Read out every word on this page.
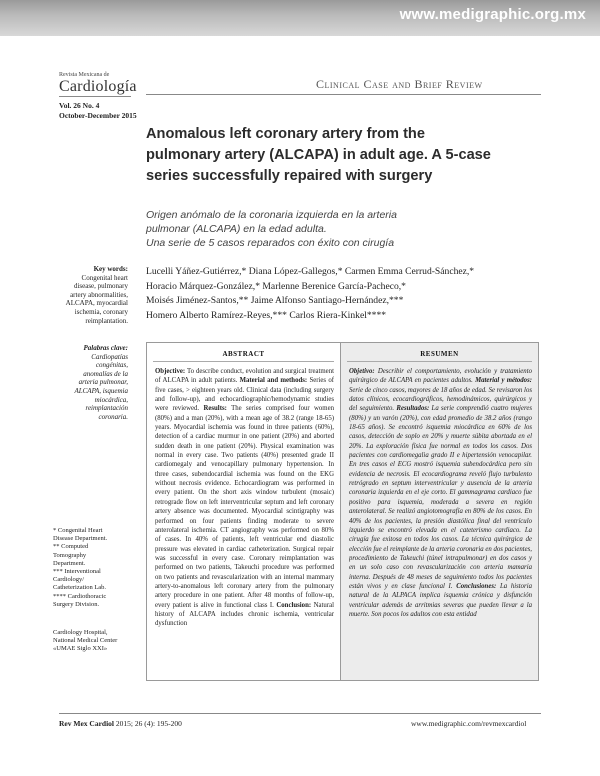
www.medigraphic.org.mx
Revista Mexicana de
Cardiología
Vol. 26 No. 4
October-December 2015
Clinical Case and Brief Review
Anomalous left coronary artery from the
pulmonary artery (ALCAPA) in adult age. A 5-case
series successfully repaired with surgery
Origen anómalo de la coronaria izquierda en la arteria
pulmonar (ALCAPA) en la edad adulta.
Una serie de 5 casos reparados con éxito con cirugía
Lucelli Yáñez-Gutiérrez,* Diana López-Gallegos,* Carmen Emma Cerrud-Sánchez,*
Horacio Márquez-González,* Marlenne Berenice García-Pacheco,*
Moisés Jiménez-Santos,** Jaime Alfonso Santiago-Hernández,***
Homero Alberto Ramírez-Reyes,*** Carlos Riera-Kinkel****
Key words:
Congenital heart
disease, pulmonary
artery abnormalities,
ALCAPA, myocardial
ischemia, coronary
reimplantation.
Palabras clave:
Cardiopatías
congénitas,
anomalías de la
arteria pulmonar,
ALCAPA, isquemia
miocárdica,
reimplantación
coronaria.
* Congenital Heart
Disease Department.
** Computed
Tomography
Department.
*** Interventional
Cardiology/
Catheterization Lab.
**** Cardiothoracic
Surgery Division.
Cardiology Hospital,
National Medical Center
«UMAE Siglo XXI»
ABSTRACT
Objective: To describe conduct, evolution and surgical treatment of ALCAPA in adult patients. Material and methods: Series of five cases, > eighteen years old. Clinical data (including surgery and follow-up), and echocardiographic/hemodynamic studies were reviewed. Results: The series comprised four women (80%) and a man (20%), with a mean age of 38.2 (range 18-65) years. Myocardial ischemia was found in three patients (60%), detection of a cardiac murmur in one patient (20%) and aborted sudden death in one patient (20%). Physical examination was normal in every case. Two patients (40%) presented grade II cardiomegaly and venocapillary pulmonary hypertension. In three cases, subendocardial ischemia was found on the EKG without necrosis evidence. Echocardiogram was performed in every patient. On the short axis window turbulent (mosaic) retrograde flow on left interventricular septum and left coronary artery absence was documented. Myocardial scintigraphy was performed on four patients finding moderate to severe anterolateral ischemia. CT angiography was performed on 80% of cases. In 40% of patients, left ventricular end diastolic pressure was elevated in cardiac catheterization. Surgical repair was successful in every case. Coronary reimplantation was performed on two patients, Takeuchi procedure was performed on two patients and revascularization with an internal mammary artery-to-anomalous left coronary artery from the pulmonary artery procedure in one patient. After 48 months of follow-up, every patient is alive in functional class I. Conclusion: Natural history of ALCAPA includes chronic ischemia, ventricular dysfunction
RESUMEN
Objetivo: Describir el comportamiento, evolución y tratamiento quirúrgico de ALCAPA en pacientes adultos. Material y métodos: Serie de cinco casos, mayores de 18 años de edad. Se revisaron los datos clínicos, ecocardiográficos, hemodinámicos, quirúrgicos y del seguimiento. Resultados: La serie comprendió cuatro mujeres (80%) y un varón (20%), con edad promedio de 38.2 años (rango 18-65 años). Se encontró isquemia miocárdica en 60% de los casos, detección de soplo en 20% y muerte súbita abortada en el 20%. La exploración física fue normal en todos los casos. Dos pacientes con cardiomegalia grado II e hipertensión venocapilar. En tres casos el ECG mostró isquemia subendocárdica pero sin evidencia de necrosis. El ecocardiograma reveló flujo turbulento retrógrado en septum interventricular y ausencia de la arteria coronaria izquierda en el eje corto. El gammagrama cardiaco fue positivo para isquemia, moderada a severa en región anterolateral. Se realizó angiotomografía en 80% de los casos. En 40% de los pacientes, la presión diastólica final del ventrículo izquierdo se encontró elevada en el cateterismo cardiaco. La cirugía fue exitosa en todos los casos. La técnica quirúrgica de elección fue el reimplante de la arteria coronaria en dos pacientes, procedimiento de Takeuchi (túnel intrapulmonar) en dos casos y en un solo caso con revascularización con arteria mamaria interna. Después de 48 meses de seguimiento todos los pacientes están vivos y en clase funcional I. Conclusiones: La historia natural de la ALPACA implica isquemia crónica y disfunción ventricular además de arritmias severas que pueden llevar a la muerte. Son pocos los adultos con esta entidad
Rev Mex Cardiol 2015; 26 (4): 195-200	www.medigraphic.com/revmexcardiol
